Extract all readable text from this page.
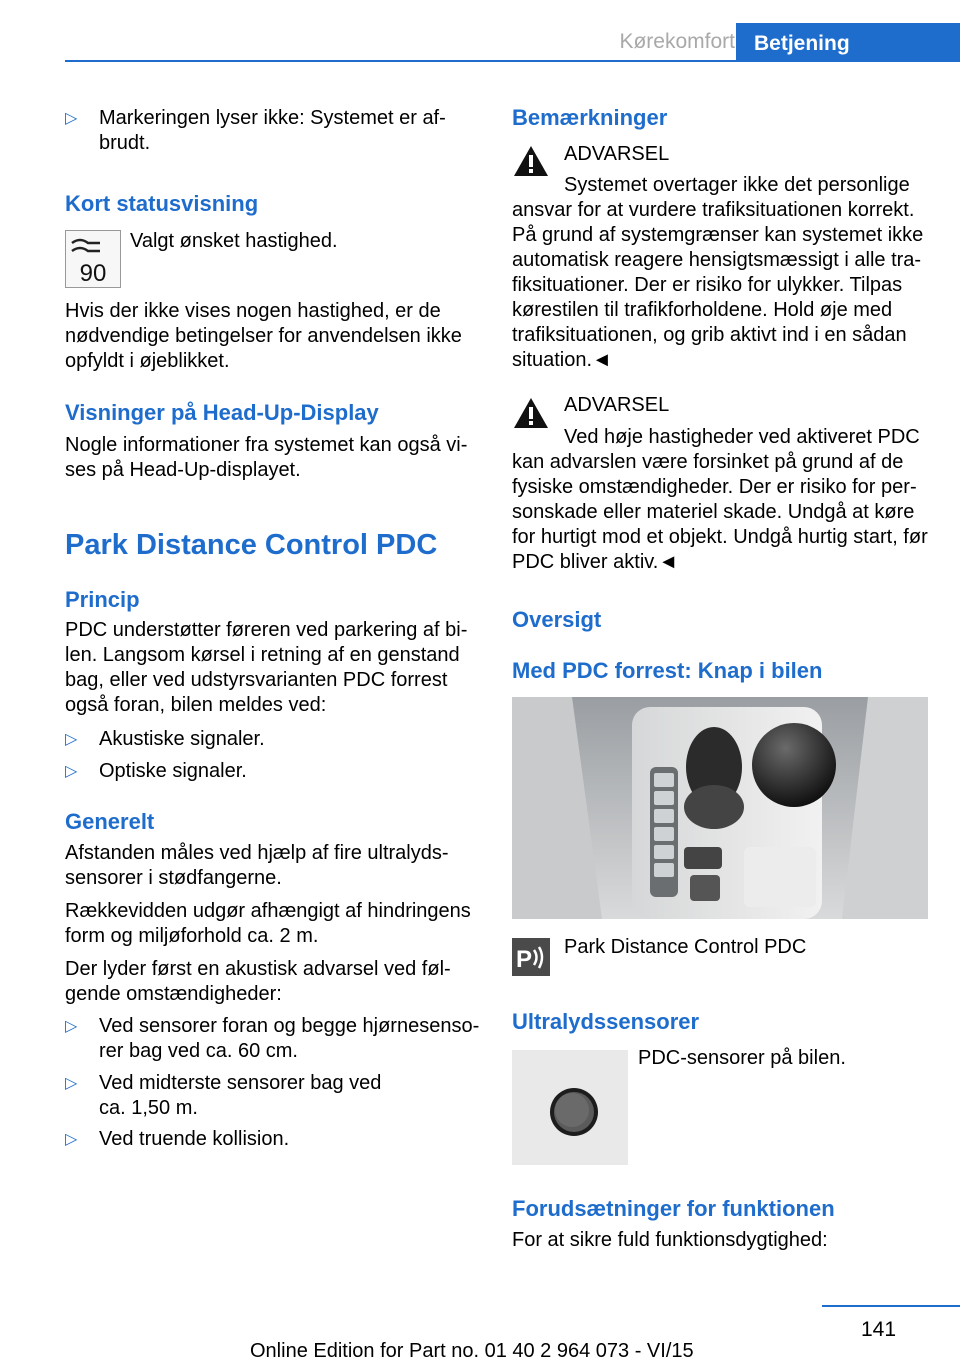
Kørekomfort Betjening
▷ Markeringen lyser ikke: Systemet er afbrudt.
Kort statusvisning
90

Valgt ønsket hastighed.

Hvis der ikke vises nogen hastighed, er de nødvendige betingelser for anvendelsen ikke opfyldt i øjeblikket.

Visninger på Head-Up-Display

Nogle informationer fra systemet kan også vises på Head-Up-displayet.

Park Distance Control PDC
Princip

PDC understøtter føreren ved parkering af bilen. Langsom kørsel i retning af en genstand bag, eller ved udstyrsvarianten PDC forrest også foran, bilen meldes ved:

▷ Akustiske signaler.
▷ Optiske signaler.
Generelt

Afstanden måles ved hjælp af fire ultralydssensorer i stødfangerne.

Rækkevidden udgør afhængigt af hindringens form og miljøforhold ca. 2 m.

Der lyder først en akustisk advarsel ved følgende omstændigheder:

▷ Ved sensorer foran og begge hjørnesensorer bag ved ca. 60 cm.
▷ Ved midterste sensorer bag ved ca. 1,50 m.
▷ Ved truende kollision.
Bemærkninger

ADVARSEL

Systemet overtager ikke det personlige ansvar for at vurdere trafiksituationen korrekt. På grund af systemgrænser kan systemet ikke automatisk reagere hensigtsmæssigt i alle trafiksituationer. Der er risiko for ulykker. Tilpas kørestilen til trafikforholdene. Hold øje med trafiksituationen, og grib aktivt ind i en sådan situation.◄

ADVARSEL

Ved høje hastigheder ved aktiveret PDC kan advarslen være forsinket på grund af de fysiske omstændigheder. Der er risiko for personskade eller materiel skade. Undgå at køre for hurtigt mod et objekt. Undgå hurtig start, før PDC bliver aktiv.◄

Oversigt
Med PDC forrest: Knap i bilen
P Park Distance Control PDC

Ultralydssensorer

PDC-sensorer på bilen.

Forudsætninger for funktionen

For at sikre fuld funktionsdygtighed:

141
Online Edition for Part no. 01 40 2 964 073 - VI/15
